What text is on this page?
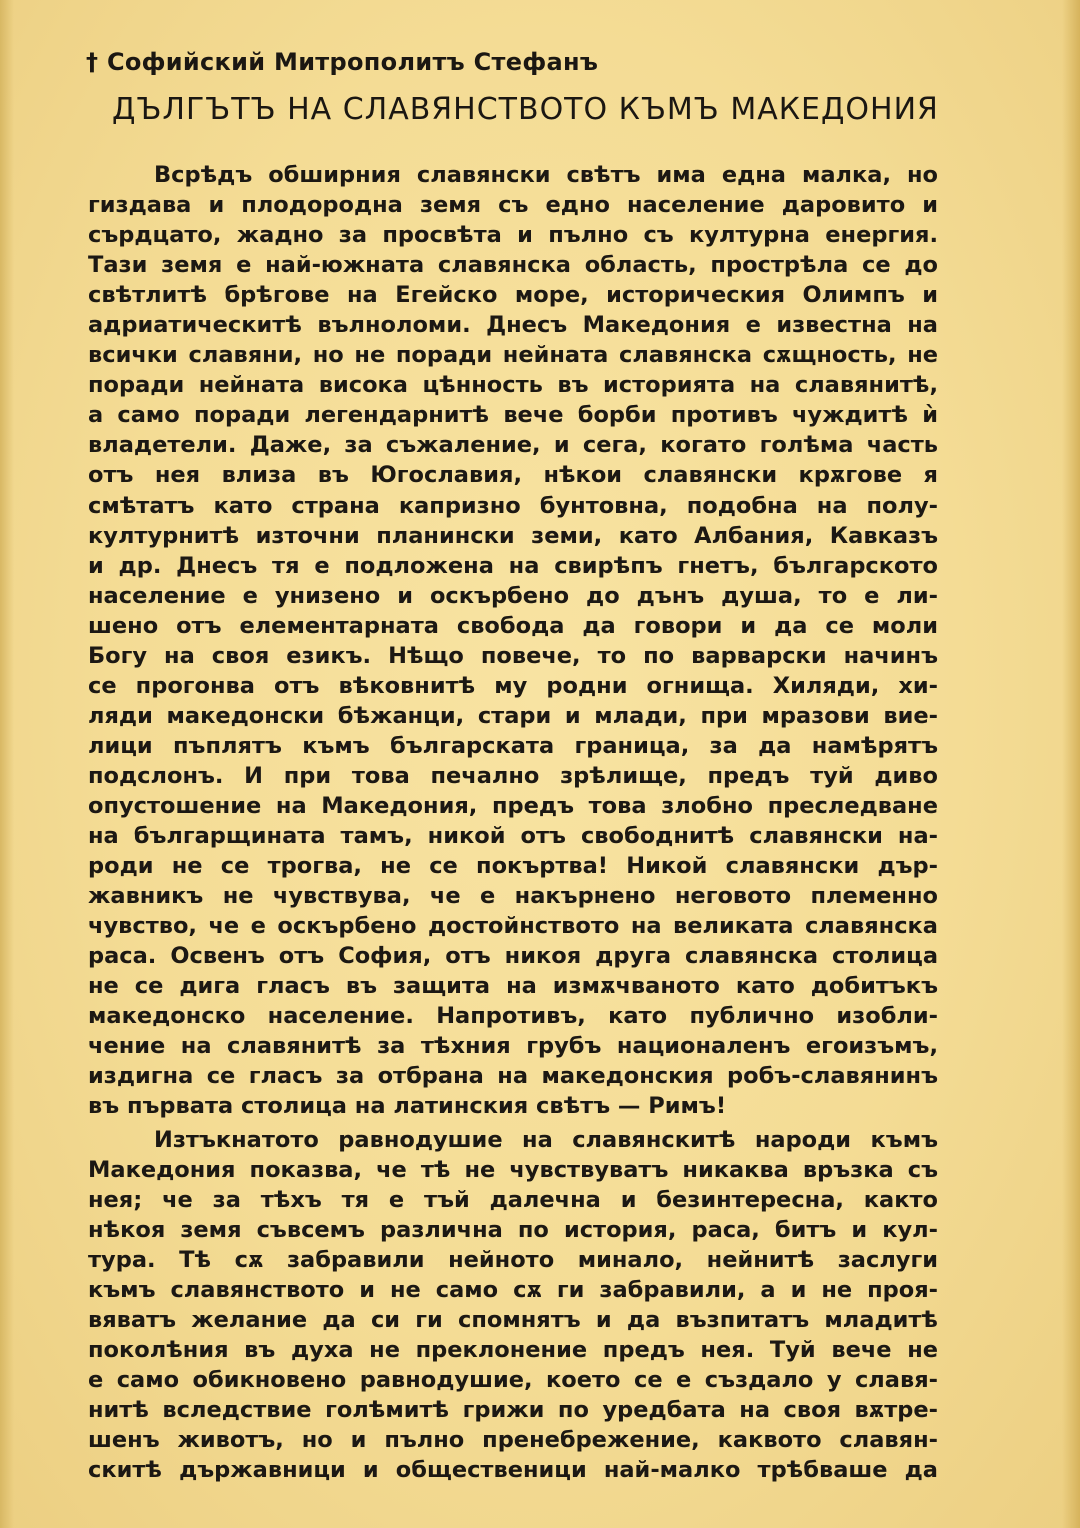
† Софийский Митрополитъ Стефанъ
ДЪЛГЪТЪ НА СЛАВЯНСТВОТО КЪМЪ МАКЕДОНИЯ
Всрѣдъ обширния славянски свѣтъ има една малка, но
гиздава и плодородна земя съ едно население даровито и
сърдцато, жадно за просвѣта и пълно съ културна енергия.
Тази земя е най-южната славянска область, прострѣла се до
свѣтлитѣ брѣгове на Егейско море, историческия Олимпъ и
адриатическитѣ вълноломи. Днесъ Македония е известна на
всички славяни, но не поради нейната славянска сѫщность, не
поради нейната висока цѣнность въ историята на славянитѣ,
а само поради легендарнитѣ вече борби противъ чуждитѣ ѝ
владетели. Даже, за съжаление, и сега, когато голѣма часть
отъ нея влиза въ Югославия, нѣкои славянски крѫгове я
смѣтатъ като страна капризно бунтовна, подобна на полу-
културнитѣ източни планински земи, като Албания, Кавказъ
и др. Днесъ тя е подложена на свирѣпъ гнетъ, българското
население е унизено и оскърбено до дънъ душа, то е ли-
шено отъ елементарната свобода да говори и да се моли
Богу на своя езикъ. Нѣщо повече, то по варварски начинъ
се прогонва отъ вѣковнитѣ му родни огнища. Хиляди, хи-
ляди македонски бѣжанци, стари и млади, при мразови вие-
лици пъплятъ къмъ българската граница, за да намѣрятъ
подслонъ. И при това печално зрѣлище, предъ туй диво
опустошение на Македония, предъ това злобно преследване
на българщината тамъ, никой отъ свободнитѣ славянски на-
роди не се трогва, не се покъртва! Никой славянски дър-
жавникъ не чувствува, че е накърнено неговото племенно
чувство, че е оскърбено достойнството на великата славянска
раса. Освенъ отъ София, отъ никоя друга славянска столица
не се дига гласъ въ защита на измѫчваното като добитъкъ
македонско население. Напротивъ, като публично изобли-
чение на славянитѣ за тѣхния грубъ националенъ егоизъмъ,
издигна се гласъ за отбрана на македонския робъ-славянинъ
въ първата столица на латинския свѣтъ — Римъ!
Изтъкнатото равнодушие на славянскитѣ народи къмъ
Македония показва, че тѣ не чувствуватъ никаква връзка съ
нея; че за тѣхъ тя е тъй далечна и безинтересна, както
нѣкоя земя съвсемъ различна по история, раса, битъ и кул-
тура. Тѣ сѫ забравили нейното минало, нейнитѣ заслуги
къмъ славянството и не само сѫ ги забравили, а и не проя-
вяватъ желание да си ги спомнятъ и да възпитатъ младитѣ
поколѣния въ духа не преклонение предъ нея. Туй вече не
е само обикновено равнодушие, което се е създало у славя-
нитѣ вследствие голѣмитѣ грижи по уредбата на своя вѫтре-
шенъ животъ, но и пълно пренебрежение, каквото славян-
скитѣ държавници и общественици най-малко трѣбваше да
